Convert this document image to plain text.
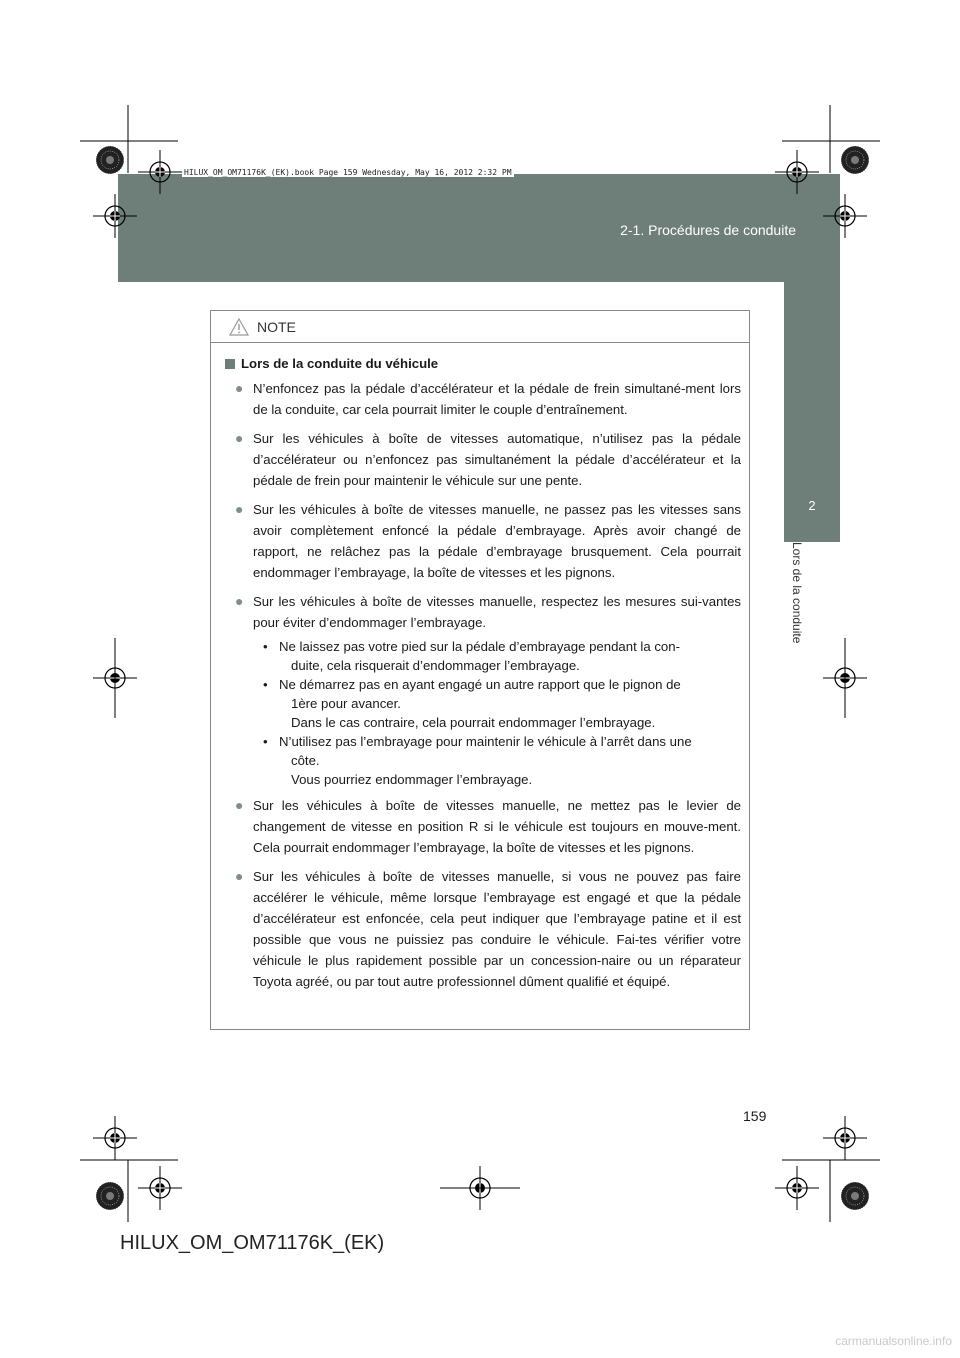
2
Lors de la conduite
2-1. Procédures de conduite
HILUX_OM_OM71176K_(EK).book Page 159 Wednesday, May 16, 2012 2:32 PM
NOTE
Lors de la conduite du véhicule
● N’enfoncez pas la pédale d’accélérateur et la pédale de frein simultané-ment lors de la conduite, car cela pourrait limiter le couple d’entraînement.
● Sur les véhicules à boîte de vitesses automatique, n’utilisez pas la pédale d’accélérateur ou n’enfoncez pas simultanément la pédale d’accélérateur et la pédale de frein pour maintenir le véhicule sur une pente.
● Sur les véhicules à boîte de vitesses manuelle, ne passez pas les vitesses sans avoir complètement enfoncé la pédale d’embrayage. Après avoir changé de rapport, ne relâchez pas la pédale d’embrayage brusquement. Cela pourrait endommager l’embrayage, la boîte de vitesses et les pignons.
● Sur les véhicules à boîte de vitesses manuelle, respectez les mesures sui-vantes pour éviter d’endommager l’embrayage.
• Ne laissez pas votre pied sur la pédale d’embrayage pendant la con-
duite, cela risquerait d’endommager l’embrayage.
• Ne démarrez pas en ayant engagé un autre rapport que le pignon de
1ère pour avancer.
Dans le cas contraire, cela pourrait endommager l’embrayage.
• N’utilisez pas l’embrayage pour maintenir le véhicule à l’arrêt dans une
côte.
Vous pourriez endommager l’embrayage.
● Sur les véhicules à boîte de vitesses manuelle, ne mettez pas le levier de changement de vitesse en position R si le véhicule est toujours en mouve-ment. Cela pourrait endommager l’embrayage, la boîte de vitesses et les pignons.
● Sur les véhicules à boîte de vitesses manuelle, si vous ne pouvez pas faire accélérer le véhicule, même lorsque l’embrayage est engagé et que la pédale d’accélérateur est enfoncée, cela peut indiquer que l’embrayage patine et il est possible que vous ne puissiez pas conduire le véhicule. Fai-tes vérifier votre véhicule le plus rapidement possible par un concession-naire ou un réparateur Toyota agréé, ou par tout autre professionnel dûment qualifié et équipé.
159
HILUX_OM_OM71176K_(EK)
carmanualsonline.info
